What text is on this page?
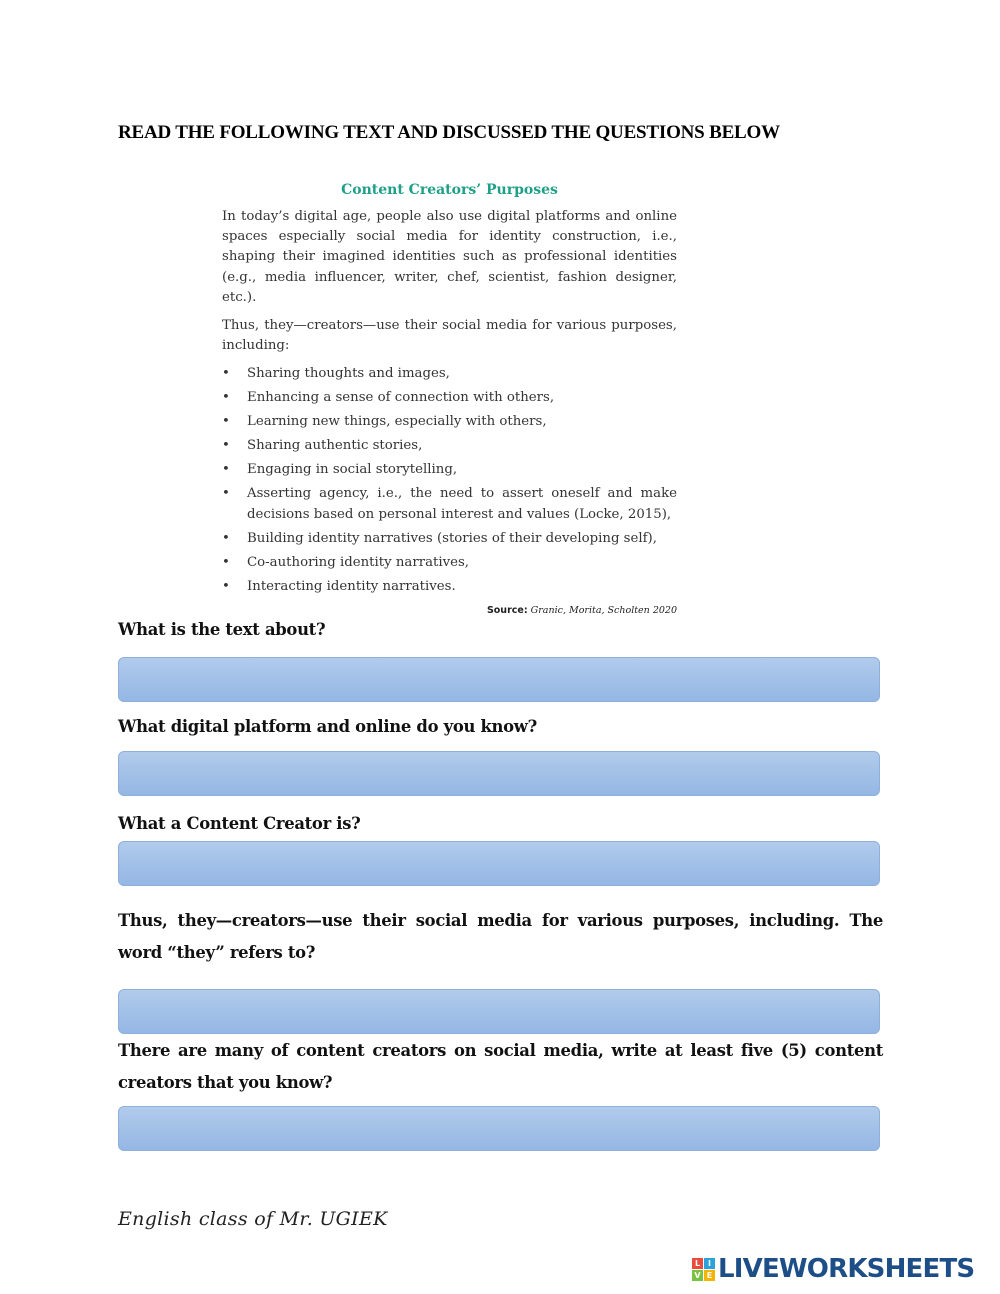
READ THE FOLLOWING TEXT AND DISCUSSED THE QUESTIONS BELOW
Content Creators’ Purposes

In today’s digital age, people also use digital platforms and online spaces especially social media for identity construction, i.e., shaping their imagined identities such as professional identities (e.g., media influencer, writer, chef, scientist, fashion designer, etc.).

Thus, they—creators—use their social media for various purposes, including:

• Sharing thoughts and images,
• Enhancing a sense of connection with others,
• Learning new things, especially with others,
• Sharing authentic stories,
• Engaging in social storytelling,
• Asserting agency, i.e., the need to assert oneself and make decisions based on personal interest and values (Locke, 2015),
• Building identity narratives (stories of their developing self),
• Co-authoring identity narratives,
• Interacting identity narratives.
Source: Granic, Morita, Scholten 2020
What is the text about?
What digital platform and online do you know?
What a Content Creator is?
Thus, they—creators—use their social media for various purposes, including. The word “they” refers to?
There are many of content creators on social media, write at least five (5) content creators that you know?
English class of Mr. UGIEK
L I
V E LIVEWORKSHEETS
